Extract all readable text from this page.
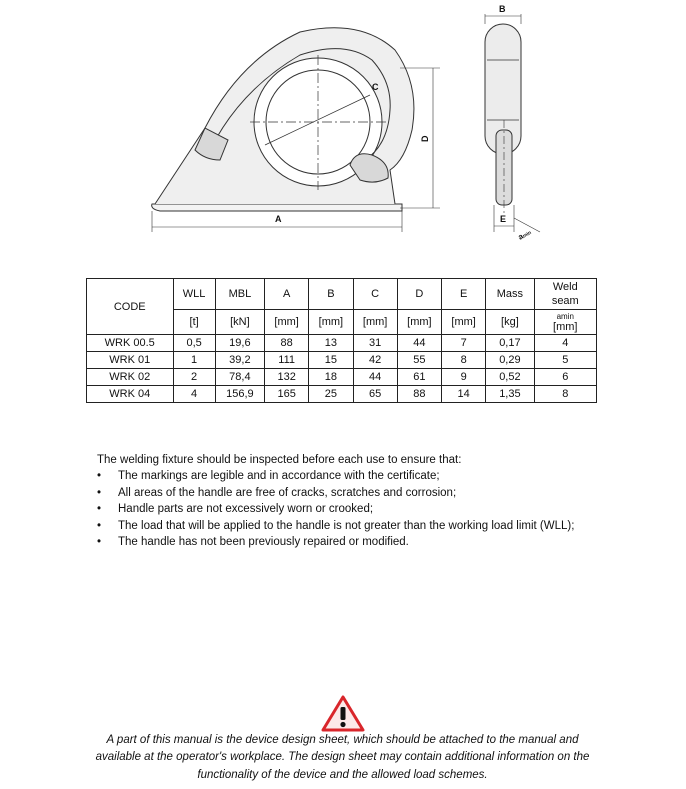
A
B
C
D
E
amin
CODE	WLL	MBL	A	B	C	D	E	Mass	Weld
seam
	[t]	[kN]	[mm]	[mm]	[mm]	[mm]	[mm]	[kg]	amin
[mm]
WRK 00.5	0,5	19,6	88	13	31	44	7	0,17	4
WRK 01	1	39,2	111	15	42	55	8	0,29	5
WRK 02	2	78,4	132	18	44	61	9	0,52	6
WRK 04	4	156,9	165	25	65	88	14	1,35	8
The welding fixture should be inspected before each use to ensure that:
• The markings are legible and in accordance with the certificate;
• All areas of the handle are free of cracks, scratches and corrosion;
• Handle parts are not excessively worn or crooked;
• The load that will be applied to the handle is not greater than the working load limit (WLL);
• The handle has not been previously repaired or modified.
A part of this manual is the device design sheet, which should be attached to the manual and
available at the operator's workplace. The design sheet may contain additional information on the
functionality of the device and the allowed load schemes.
